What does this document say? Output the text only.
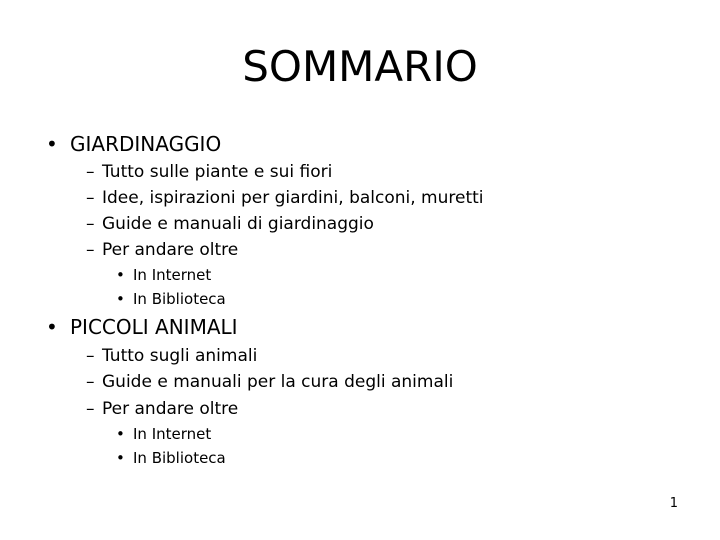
SOMMARIO
• GIARDINAGGIO
– Tutto sulle piante e sui fiori
– Idee, ispirazioni per giardini, balconi, muretti
– Guide e manuali di giardinaggio
– Per andare oltre
• In Internet
• In Biblioteca
• PICCOLI ANIMALI
– Tutto sugli animali
– Guide e manuali per la cura degli animali
– Per andare oltre
• In Internet
• In Biblioteca
1
